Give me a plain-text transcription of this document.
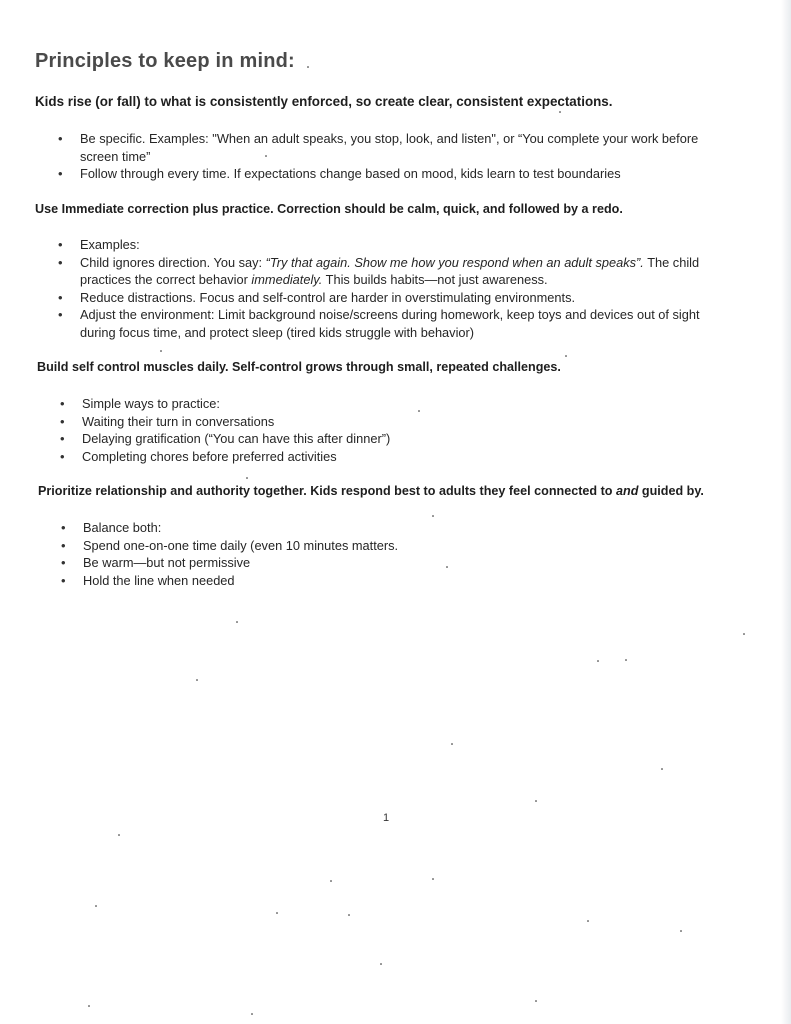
Principles to keep in mind:

Kids rise (or fall) to what is consistently enforced, so create clear, consistent expectations.

• Be specific. Examples: "When an adult speaks, you stop, look, and listen", or “You complete your work before screen time”
• Follow through every time. If expectations change based on mood, kids learn to test boundaries

Use Immediate correction plus practice. Correction should be calm, quick, and followed by a redo.

• Examples:
• Child ignores direction. You say: “Try that again. Show me how you respond when an adult speaks”. The child practices the correct behavior immediately. This builds habits—not just awareness.
• Reduce distractions. Focus and self-control are harder in overstimulating environments.
• Adjust the environment: Limit background noise/screens during homework, keep toys and devices out of sight during focus time, and protect sleep (tired kids struggle with behavior)

Build self control muscles daily. Self-control grows through small, repeated challenges.

• Simple ways to practice:
• Waiting their turn in conversations
• Delaying gratification (“You can have this after dinner”)
• Completing chores before preferred activities

Prioritize relationship and authority together. Kids respond best to adults they feel connected to and guided by.

• Balance both:
• Spend one-on-one time daily (even 10 minutes matters.
• Be warm—but not permissive
• Hold the line when needed
1
